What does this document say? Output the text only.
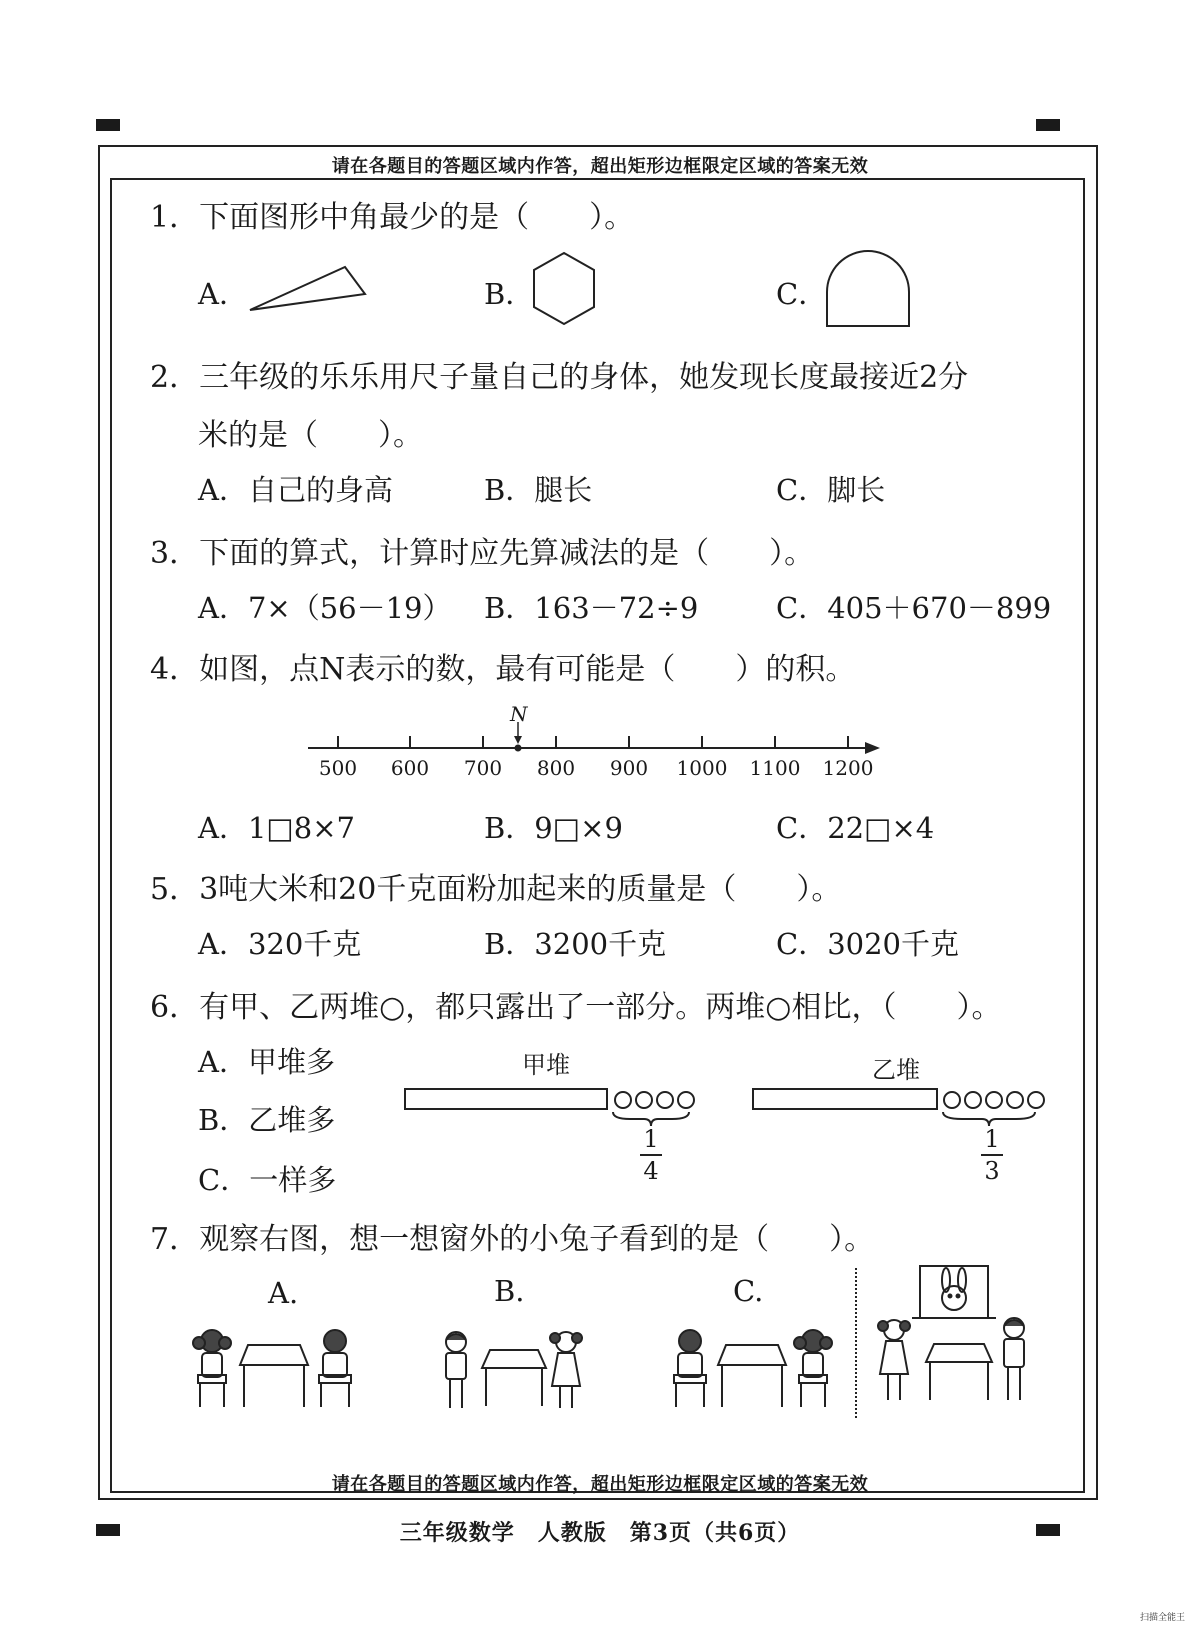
请在各题目的答题区域内作答，超出矩形边框限定区域的答案无效
请在各题目的答题区域内作答，超出矩形边框限定区域的答案无效
1．下面图形中角最少的是（　　）。
A．	B．	C．
2．三年级的乐乐用尺子量自己的身体，她发现长度最接近2分
米的是（　　）。
A．自己的身高	B．腿长	C．脚长
3．下面的算式，计算时应先算减法的是（　　）。
A．7×（56－19） B．163－72÷9	C．405＋670－899
4．如图，点N表示的数，最有可能是（　　）的积。
N
500	600	700	800	900	1000	1100	1200
A．1□8×7	B．9□×9	C．22□×4
5．3吨大米和20千克面粉加起来的质量是（　　）。
A．320千克	B．3200千克	C．3020千克
6．有甲、乙两堆○，都只露出了一部分。两堆○相比，（　　）。
A．甲堆多
B．乙堆多
C．一样多
甲堆
1
4
乙堆
1
3
7．观察右图，想一想窗外的小兔子看到的是（　　）。
A.	B.	C.
三年级数学　人教版　第3页（共6页）
扫描全能王
